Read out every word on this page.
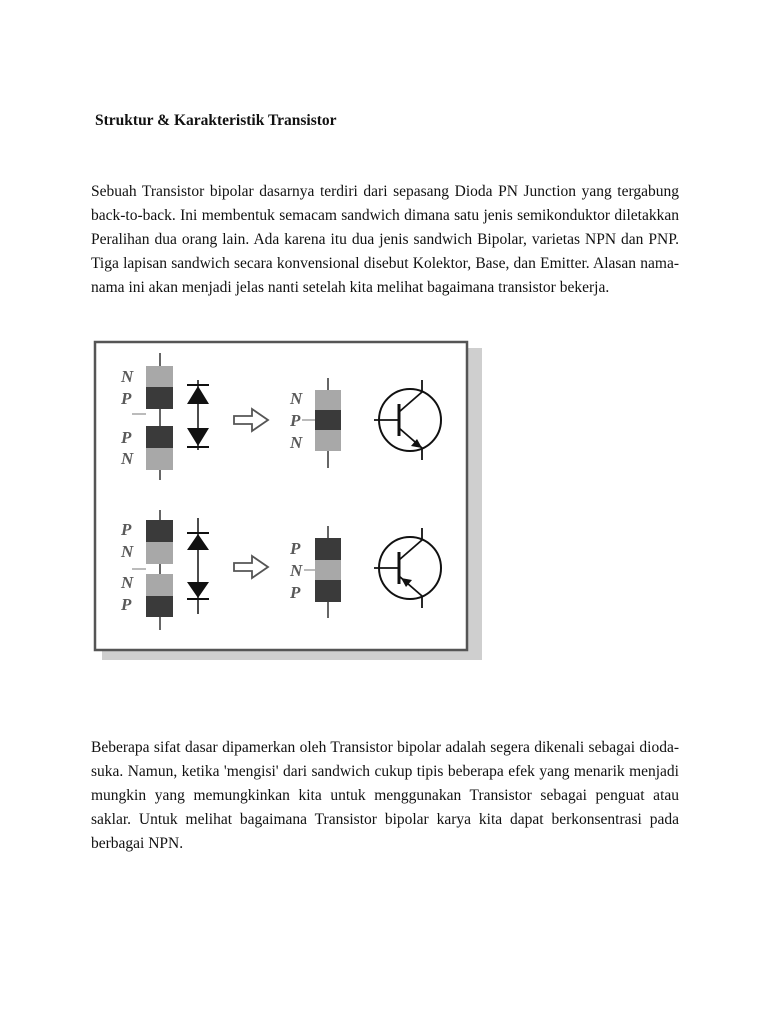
Struktur & Karakteristik Transistor

Sebuah Transistor bipolar dasarnya terdiri dari sepasang Dioda PN Junction yang tergabung back-to-back. Ini membentuk semacam sandwich dimana satu jenis semikonduktor diletakkan Peralihan dua orang lain. Ada karena itu dua jenis sandwich Bipolar, varietas NPN dan PNP. Tiga lapisan sandwich secara konvensional disebut Kolektor, Base, dan Emitter. Alasan nama-nama ini akan menjadi jelas nanti setelah kita melihat bagaimana transistor bekerja.

N
P
P
N
N
P
N
P
N
N
P
P
N
P

Beberapa sifat dasar dipamerkan oleh Transistor bipolar adalah segera dikenali sebagai dioda-suka. Namun, ketika 'mengisi' dari sandwich cukup tipis beberapa efek yang menarik menjadi mungkin yang memungkinkan kita untuk menggunakan Transistor sebagai penguat atau saklar. Untuk melihat bagaimana Transistor bipolar karya kita dapat berkonsentrasi pada berbagai NPN.
